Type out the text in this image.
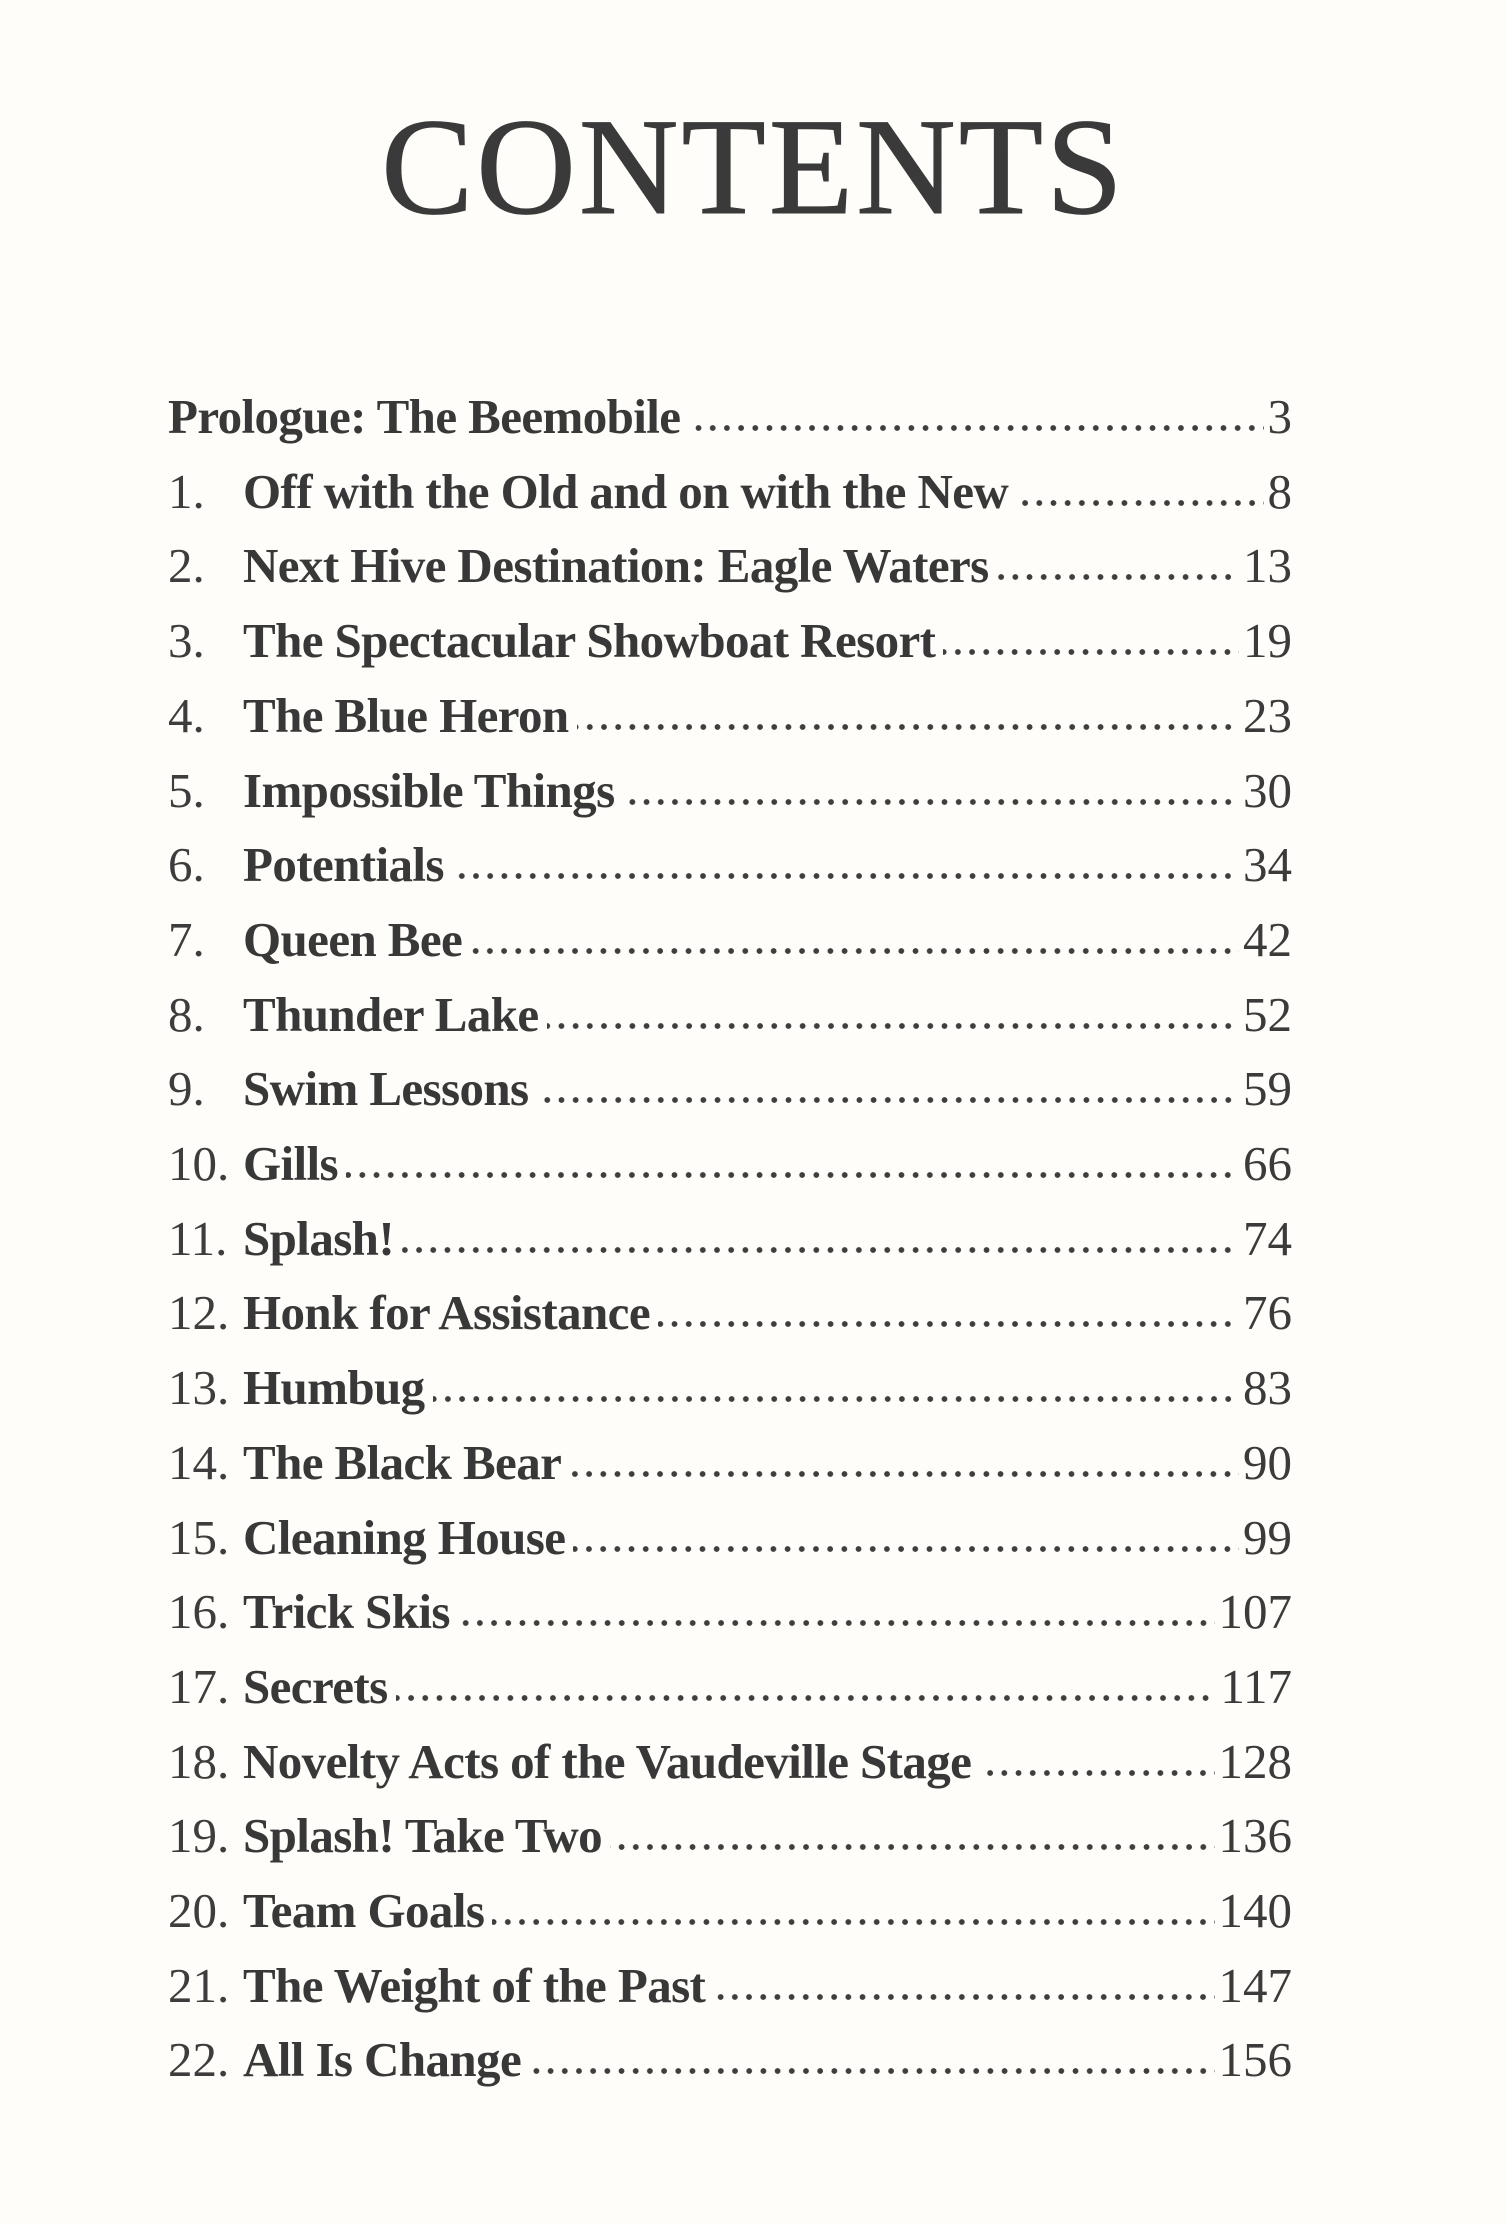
CONTENTS
Prologue: The Beemobile	3
1. Off with the Old and on with the New	8
2. Next Hive Destination: Eagle Waters	13
3. The Spectacular Showboat Resort	19
4. The Blue Heron	23
5. Impossible Things	30
6. Potentials	34
7. Queen Bee	42
8. Thunder Lake	52
9. Swim Lessons	59
10. Gills	66
11. Splash!	74
12. Honk for Assistance	76
13. Humbug	83
14. The Black Bear	90
15. Cleaning House	99
16. Trick Skis	107
17. Secrets	117
18. Novelty Acts of the Vaudeville Stage	128
19. Splash! Take Two	136
20. Team Goals	140
21. The Weight of the Past	147
22. All Is Change	156
